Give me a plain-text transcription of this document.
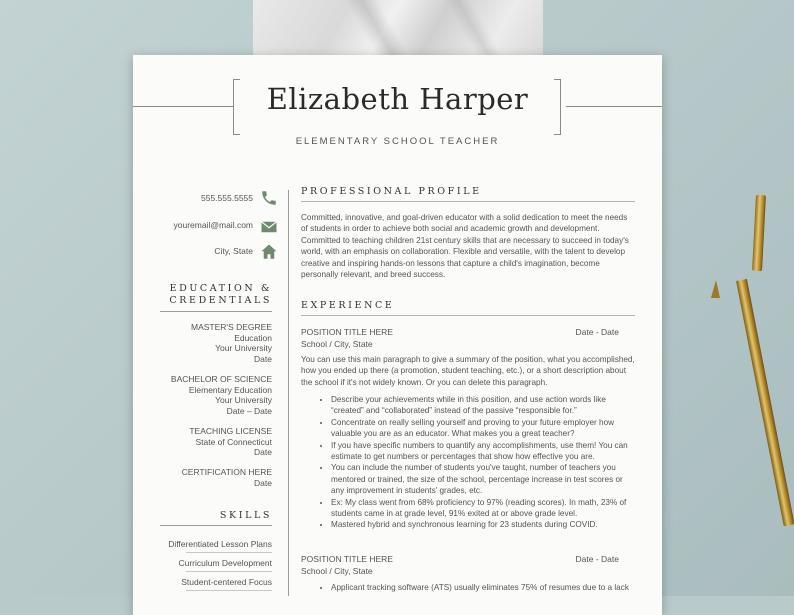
Elizabeth Harper
ELEMENTARY SCHOOL TEACHER
555.555.5555
youremail@mail.com
City, State
EDUCATION &
CREDENTIALS
MASTER'S DEGREE
Education
Your University
Date
BACHELOR OF SCIENCE
Elementary Education
Your University
Date – Date
TEACHING LICENSE
State of Connecticut
Date
CERTIFICATION HERE
Date
SKILLS
Differentiated Lesson Plans
Curriculum Development
Student-centered Focus
PROFESSIONAL PROFILE
Committed, innovative, and goal-driven educator with a solid dedication to meet the needs
of students in order to achieve both social and academic growth and development.
Committed to teaching children 21st century skills that are necessary to succeed in today's
world, with an emphasis on collaboration. Flexible and versatile, with the talent to develop
creative and inspiring hands-on lessons that capture a child's imagination, become
personally relevant, and breed success.
EXPERIENCE
POSITION TITLE HERE	Date - Date
School / City, State
You can use this main paragraph to give a summary of the position, what you accomplished,
how you ended up there (a promotion, student teaching, etc.), or a short description about
the school if it's not widely known. Or you can delete this paragraph.
• Describe your achievements while in this position, and use action words like
“created” and “collaborated” instead of the passive “responsible for.”
• Concentrate on really selling yourself and proving to your future employer how
valuable you are as an educator. What makes you a great teacher?
• If you have specific numbers to quantify any accomplishments, use them! You can
estimate to get numbers or percentages that show how effective you are.
• You can include the number of students you've taught, number of teachers you
mentored or trained, the size of the school, percentage increase in test scores or
any improvement in students' grades, etc.
• Ex: My class went from 68% proficiency to 97% (reading scores). In math, 23% of
students came in at grade level, 91% exited at or above grade level.
• Mastered hybrid and synchronous learning for 23 students during COVID.
POSITION TITLE HERE	Date - Date
School / City, State
• Applicant tracking software (ATS) usually eliminates 75% of resumes due to a lack
